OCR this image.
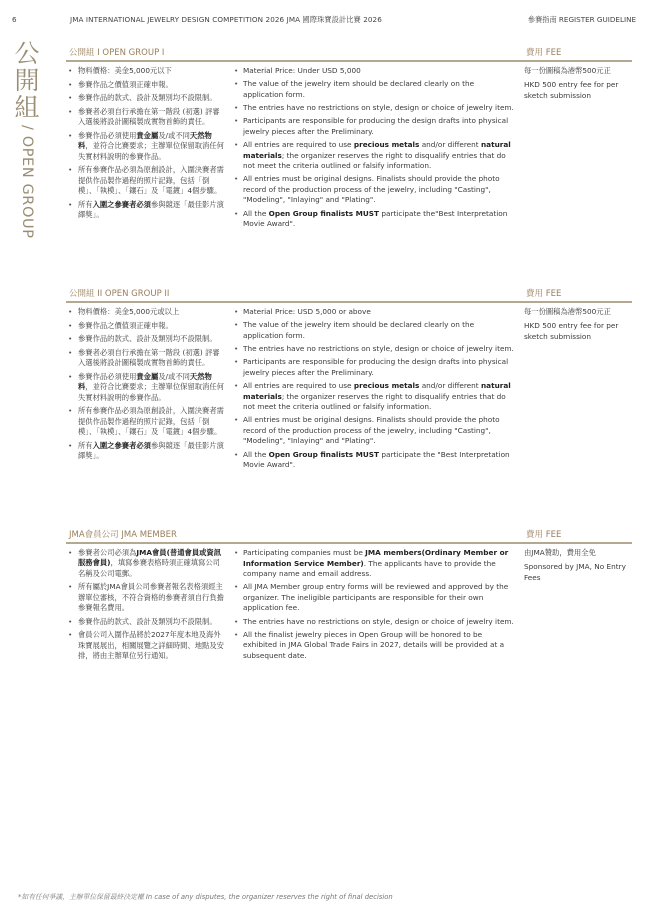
6	JMA INTERNATIONAL JEWELRY DESIGN COMPETITION 2026 JMA 國際珠寶設計比賽 2026	參賽指南 REGISTER GUIDELINE
公
開
組
/ OPEN GROUP
公開組 I OPEN GROUP I	費用 FEE
• 物料價格：美金5,000元以下
• 參賽作品之價值須正確申報。
• 參賽作品的款式、設計及類別均不設限制。
• 參賽者必須自行承擔在第一階段 (初選) 評審入選後將設計圖稿製成實物首飾的責任。
• 參賽作品必須使用貴金屬及/或不同天然物料，並符合比賽要求；主辦單位保留取消任何失實材料說明的參賽作品。
• 所有參賽作品必須為原創設計，入圍決賽者需提供作品製作過程的照片記錄，包括「倒模」、「執模」、「鑲石」及「電鍍」4個步驟。
• 所有入圍之參賽者必須參與競逐「最佳影片演繹獎」。
• Material Price: Under USD 5,000
• The value of the jewelry item should be declared clearly on the application form.
• The entries have no restrictions on style, design or choice of jewelry item.
• Participants are responsible for producing the design drafts into physical jewelry pieces after the Preliminary.
• All entries are required to use precious metals and/or different natural materials; the organizer reserves the right to disqualify entries that do not meet the criteria outlined or falsify information.
• All entries must be original designs. Finalists should provide the photo record of the production process of the jewelry, including "Casting", "Modeling", "Inlaying" and "Plating".
• All the Open Group finalists MUST participate the"Best Interpretation Movie Award".
每一份圖稿為港幣500元正
HKD 500 entry fee for per sketch submission
公開組 II OPEN GROUP II	費用 FEE
• 物料價格：美金5,000元或以上
• 參賽作品之價值須正確申報。
• 參賽作品的款式、設計及類別均不設限制。
• 參賽者必須自行承擔在第一階段 (初選) 評審入選後將設計圖稿製成實物首飾的責任。
• 參賽作品必須使用貴金屬及/或不同天然物料，並符合比賽要求；主辦單位保留取消任何失實材料說明的參賽作品。
• 所有參賽作品必須為原創設計，入圍決賽者需提供作品製作過程的照片記錄，包括「倒模」、「執模」、「鑲石」及「電鍍」4個步驟。
• 所有入圍之參賽者必須參與競逐「最佳影片演繹獎」。
• Material Price: USD 5,000 or above
• The value of the jewelry item should be declared clearly on the application form.
• The entries have no restrictions on style, design or choice of jewelry item.
• Participants are responsible for producing the design drafts into physical jewelry pieces after the Preliminary.
• All entries are required to use precious metals and/or different natural materials; the organizer reserves the right to disqualify entries that do not meet the criteria outlined or falsify information.
• All entries must be original designs. Finalists should provide the photo record of the production process of the jewelry, including "Casting", "Modeling", "Inlaying" and "Plating".
• All the Open Group finalists MUST participate the "Best Interpretation Movie Award".
每一份圖稿為港幣500元正
HKD 500 entry fee for per sketch submission
JMA會員公司 JMA MEMBER	費用 FEE
• 參賽者公司必須為JMA會員(普通會員或資訊服務會員)，填寫參賽表格時須正確填寫公司名稱及公司電郵。
• 所有屬於JMA會員公司參賽者報名表格須經主辦單位審核，不符合資格的參賽者須自行負擔參賽報名費用。
• 參賽作品的款式、設計及類別均不設限制。
• 會員公司入圍作品將於2027年度本地及海外珠寶展展出，相關展覽之詳細時間、地點及安排，將由主辦單位另行通知。
• Participating companies must be JMA members(Ordinary Member or Information Service Member). The applicants have to provide the company name and email address.
• All JMA Member group entry forms will be reviewed and approved by the organizer. The ineligible participants are responsible for their own application fee.
• The entries have no restrictions on style, design or choice of jewelry item.
• All the finalist jewelry pieces in Open Group will be honored to be exhibited in JMA Global Trade Fairs in 2027, details will be provided at a subsequent date.
由JMA贊助，費用全免
Sponsored by JMA, No Entry Fees
*如有任何爭議，主辦單位保留最終決定權 In case of any disputes, the organizer reserves the right of final decision
